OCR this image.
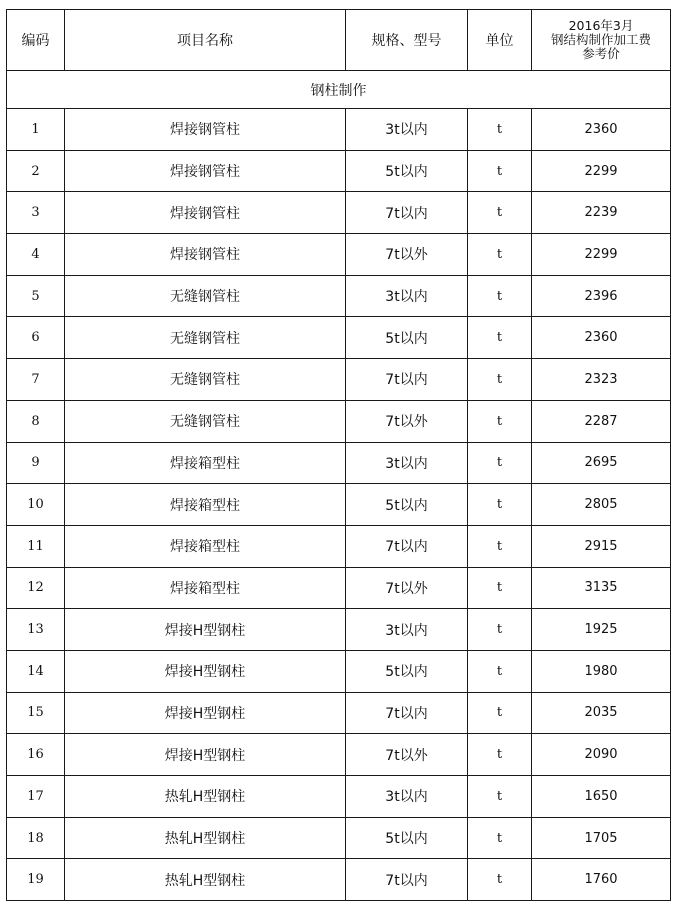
编码	项目名称	规格、型号	单位	2016年3月
钢结构制作加工费
参考价

钢柱制作				
1	焊接钢管柱	3t以内	t	2360
2	焊接钢管柱	5t以内	t	2299
3	焊接钢管柱	7t以内	t	2239
4	焊接钢管柱	7t以外	t	2299
5	无缝钢管柱	3t以内	t	2396
6	无缝钢管柱	5t以内	t	2360
7	无缝钢管柱	7t以内	t	2323
8	无缝钢管柱	7t以外	t	2287
9	焊接箱型柱	3t以内	t	2695
10	焊接箱型柱	5t以内	t	2805
11	焊接箱型柱	7t以内	t	2915
12	焊接箱型柱	7t以外	t	3135
13	焊接H型钢柱	3t以内	t	1925
14	焊接H型钢柱	5t以内	t	1980
15	焊接H型钢柱	7t以内	t	2035
16	焊接H型钢柱	7t以外	t	2090
17	热轧H型钢柱	3t以内	t	1650
18	热轧H型钢柱	5t以内	t	1705
19	热轧H型钢柱	7t以内	t	1760
